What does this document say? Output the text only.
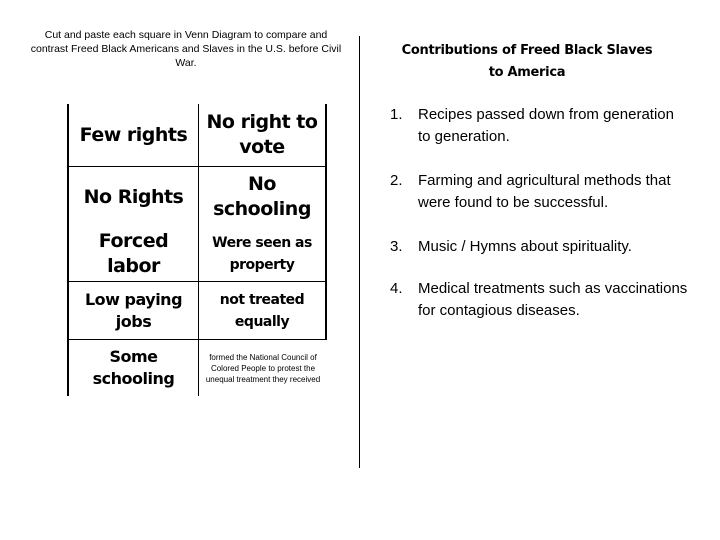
Cut and paste each square in Venn Diagram to compare and contrast Freed Black Americans and Slaves in the U.S. before Civil War.
Few rights
No right to vote
No Rights
No schooling
Forced labor
Were seen as property
Low paying jobs
not treated equally
Some schooling
formed the National Council of Colored People to protest the unequal treatment they received
Contributions of Freed Black Slaves
to America
1. Recipes passed down from generation to generation.
2. Farming and agricultural methods that were found to be successful.
3. Music / Hymns about spirituality.
4. Medical treatments such as vaccinations for contagious diseases.
